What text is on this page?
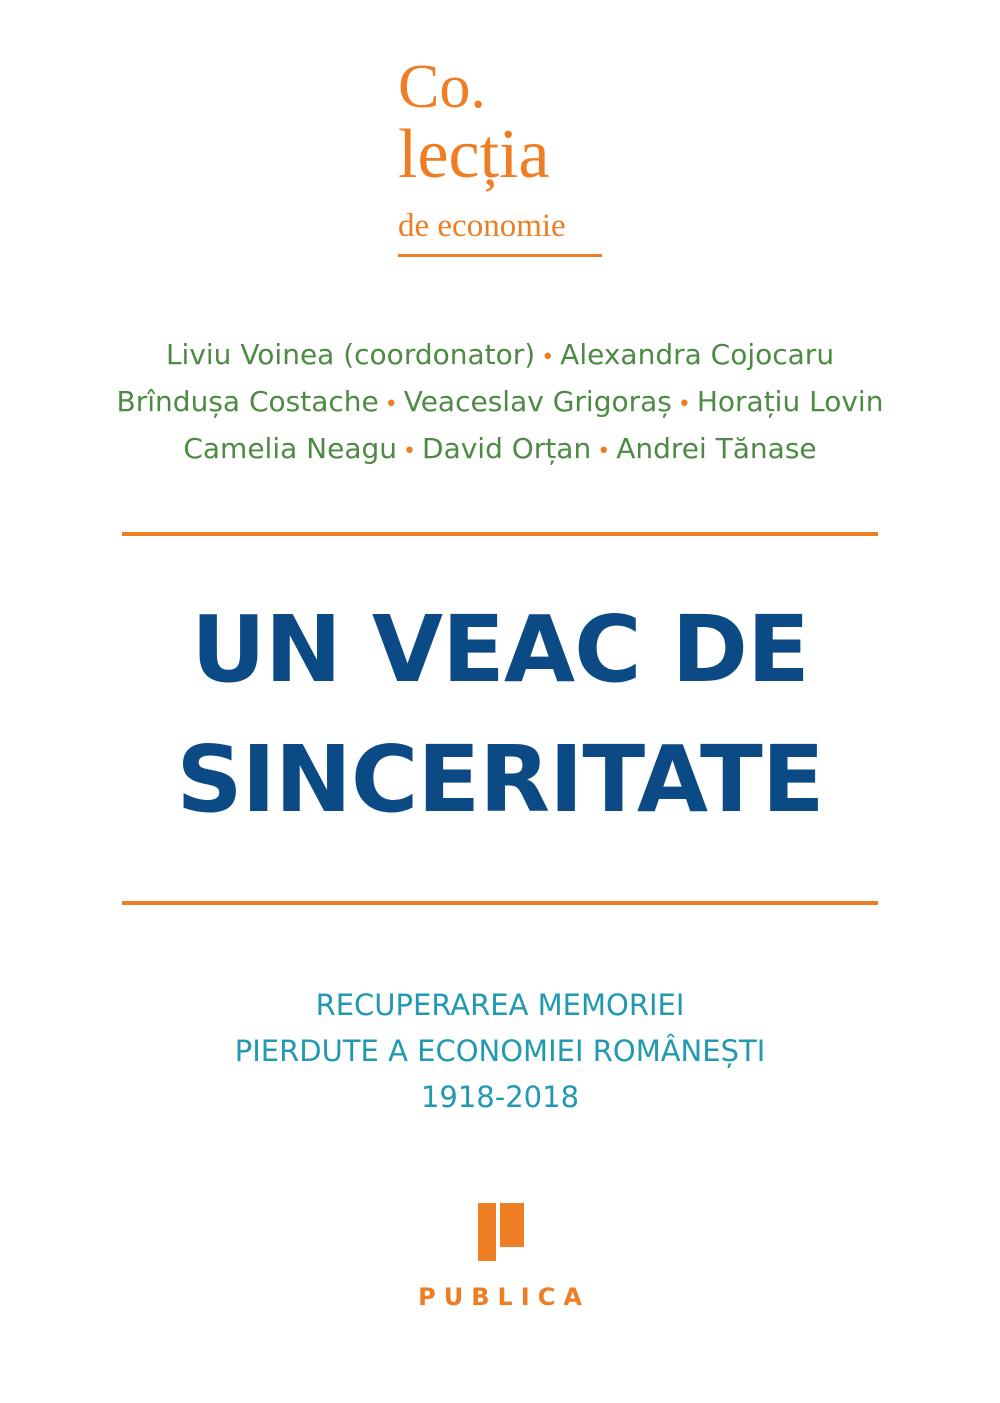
Co.
lecția
de economie
Liviu Voinea (coordonator) • Alexandra Cojocaru
Brîndușa Costache • Veaceslav Grigoraș • Horațiu Lovin
Camelia Neagu • David Orțan • Andrei Tănase
UN VEAC DE
SINCERITATE
RECUPERAREA MEMORIEI
PIERDUTE A ECONOMIEI ROMÂNEȘTI
1918-2018
PUBLICA
